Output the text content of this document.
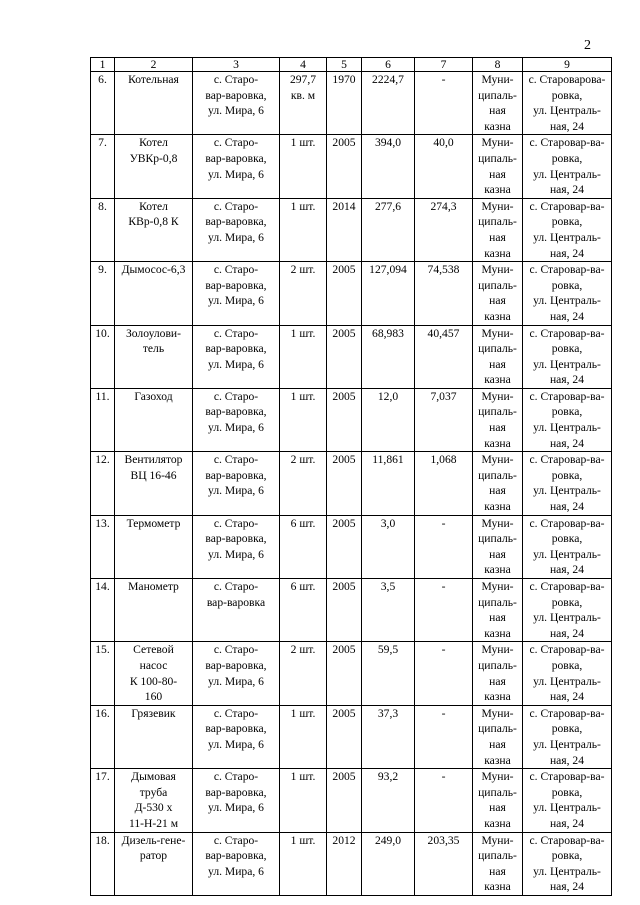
2
1	2	3	4	5	6	7	8	9
6.	Котельная	с. Старо-
вар-варовка,
ул. Мира, 6	297,7
кв. м	1970	2224,7	-	Муни-
ципаль-
ная
казна	с. Староварова-
ровка,
ул. Централь-
ная, 24
7.	Котел
УВКр-0,8	с. Старо-
вар-варовка,
ул. Мира, 6	1 шт.	2005	394,0	40,0	Муни-
ципаль-
ная
казна	с. Старовар-ва-
ровка,
ул. Централь-
ная, 24
8.	Котел
КВр-0,8 К	с. Старо-
вар-варовка,
ул. Мира, 6	1 шт.	2014	277,6	274,3	Муни-
ципаль-
ная
казна	с. Старовар-ва-
ровка,
ул. Централь-
ная, 24
9.	Дымосос-6,3	с. Старо-
вар-варовка,
ул. Мира, 6	2 шт.	2005	127,094	74,538	Муни-
ципаль-
ная
казна	с. Старовар-ва-
ровка,
ул. Централь-
ная, 24
10.	Золоулови-
тель	с. Старо-
вар-варовка,
ул. Мира, 6	1 шт.	2005	68,983	40,457	Муни-
ципаль-
ная
казна	с. Старовар-ва-
ровка,
ул. Централь-
ная, 24
11.	Газоход	с. Старо-
вар-варовка,
ул. Мира, 6	1 шт.	2005	12,0	7,037	Муни-
ципаль-
ная
казна	с. Старовар-ва-
ровка,
ул. Централь-
ная, 24
12.	Вентилятор
ВЦ 16-46	с. Старо-
вар-варовка,
ул. Мира, 6	2 шт.	2005	11,861	1,068	Муни-
ципаль-
ная
казна	с. Старовар-ва-
ровка,
ул. Централь-
ная, 24
13.	Термометр	с. Старо-
вар-варовка,
ул. Мира, 6	6 шт.	2005	3,0	-	Муни-
ципаль-
ная
казна	с. Старовар-ва-
ровка,
ул. Централь-
ная, 24
14.	Манометр	с. Старо-
вар-варовка	6 шт.	2005	3,5	-	Муни-
ципаль-
ная
казна	с. Старовар-ва-
ровка,
ул. Централь-
ная, 24
15.	Сетевой
насос
К 100-80-
160	с. Старо-
вар-варовка,
ул. Мира, 6	2 шт.	2005	59,5	-	Муни-
ципаль-
ная
казна	с. Старовар-ва-
ровка,
ул. Централь-
ная, 24
16.	Грязевик	с. Старо-
вар-варовка,
ул. Мира, 6	1 шт.	2005	37,3	-	Муни-
ципаль-
ная
казна	с. Старовар-ва-
ровка,
ул. Централь-
ная, 24
17.	Дымовая
труба
Д-530 х
11-Н-21 м	с. Старо-
вар-варовка,
ул. Мира, 6	1 шт.	2005	93,2	-	Муни-
ципаль-
ная
казна	с. Старовар-ва-
ровка,
ул. Централь-
ная, 24
18.	Дизель-гене-
ратор	с. Старо-
вар-варовка,
ул. Мира, 6	1 шт.	2012	249,0	203,35	Муни-
ципаль-
ная
казна	с. Старовар-ва-
ровка,
ул. Централь-
ная, 24
